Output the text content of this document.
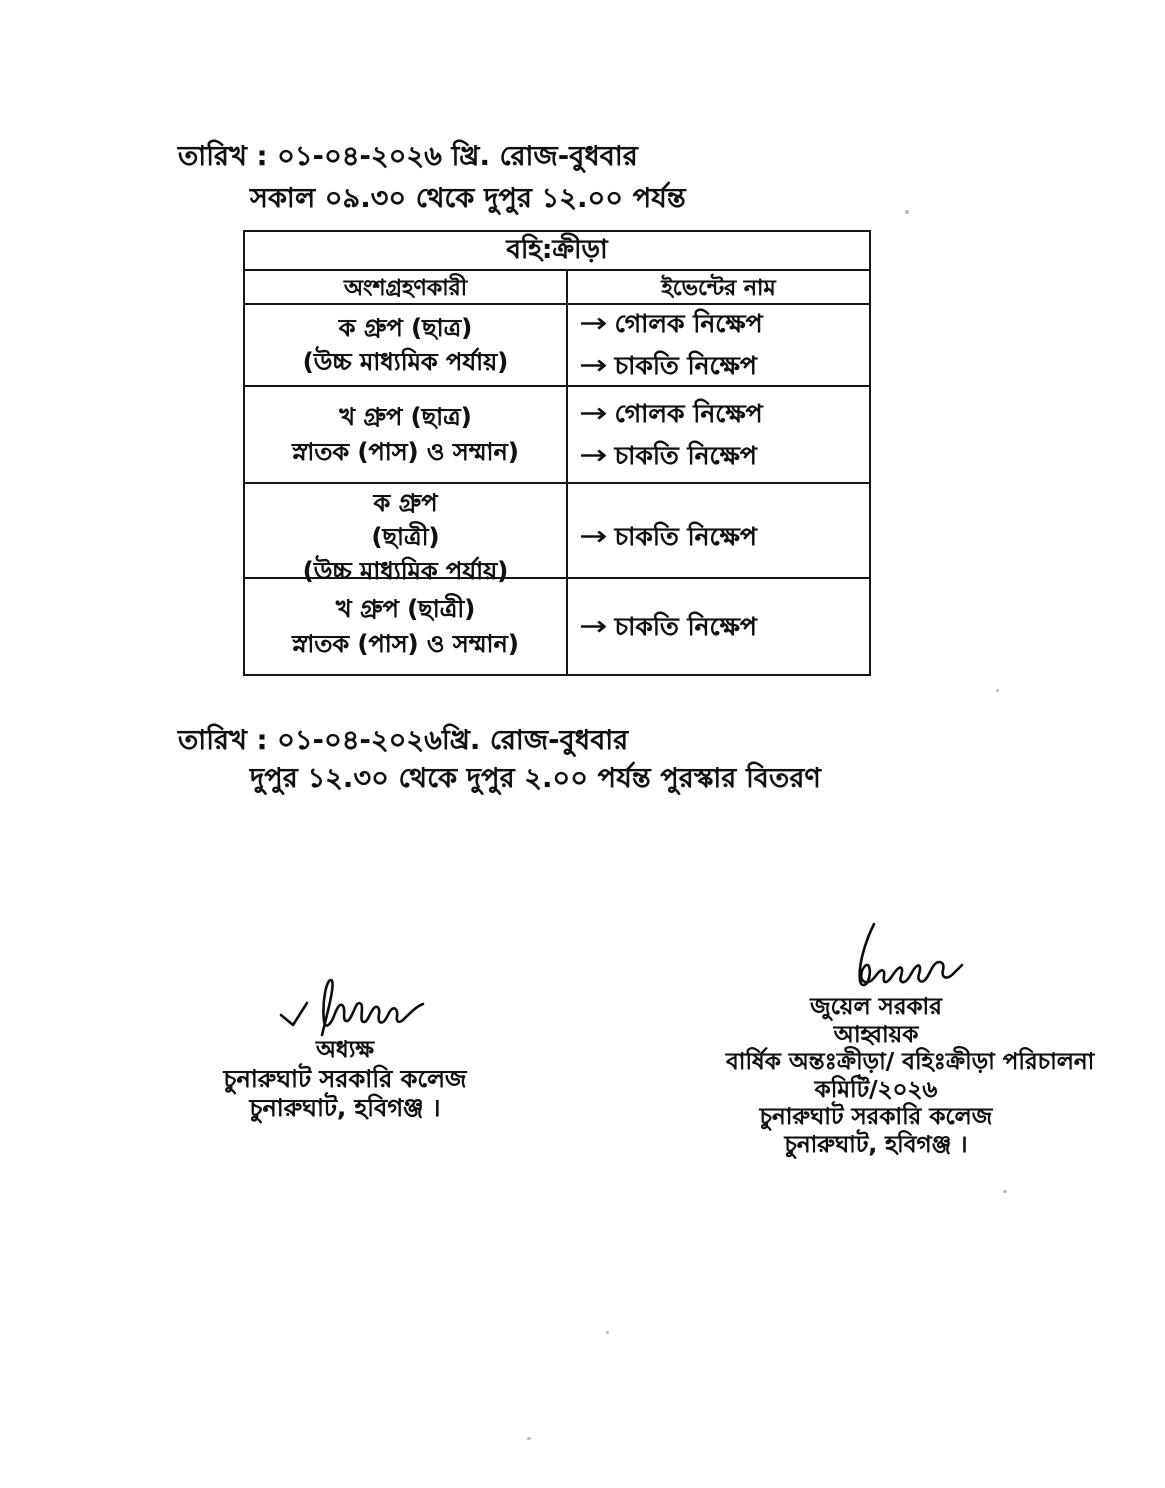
তারিখ : ০১-০৪-২০২৬ খ্রি. রোজ-বুধবার
সকাল ০৯.৩০ থেকে দুপুর ১২.০০ পর্যন্ত
বহি:ক্রীড়া
অংশগ্রহণকারী	ইভেন্টের নাম
ক গ্রুপ (ছাত্র)
(উচ্চ মাধ্যমিক পর্যায়)
→ গোলক নিক্ষেপ
→ চাকতি নিক্ষেপ
খ গ্রুপ (ছাত্র)
স্নাতক (পাস) ও সম্মান)
→ গোলক নিক্ষেপ
→ চাকতি নিক্ষেপ
ক গ্রুপ
(ছাত্রী)
(উচ্চ মাধ্যমিক পর্যায়)
→ চাকতি নিক্ষেপ
খ গ্রুপ (ছাত্রী)
স্নাতক (পাস) ও সম্মান)
→ চাকতি নিক্ষেপ
তারিখ : ০১-০৪-২০২৬খ্রি. রোজ-বুধবার
দুপুর ১২.৩০ থেকে দুপুর ২.০০ পর্যন্ত পুরস্কার বিতরণ
অধ্যক্ষ
চুনারুঘাট সরকারি কলেজ
চুনারুঘাট, হবিগঞ্জ ।
জুয়েল সরকার
আহ্বায়ক
বার্ষিক অন্তঃক্রীড়া/ বহিঃক্রীড়া পরিচালনা
কমিটি/২০২৬
চুনারুঘাট সরকারি কলেজ
চুনারুঘাট, হবিগঞ্জ ।
